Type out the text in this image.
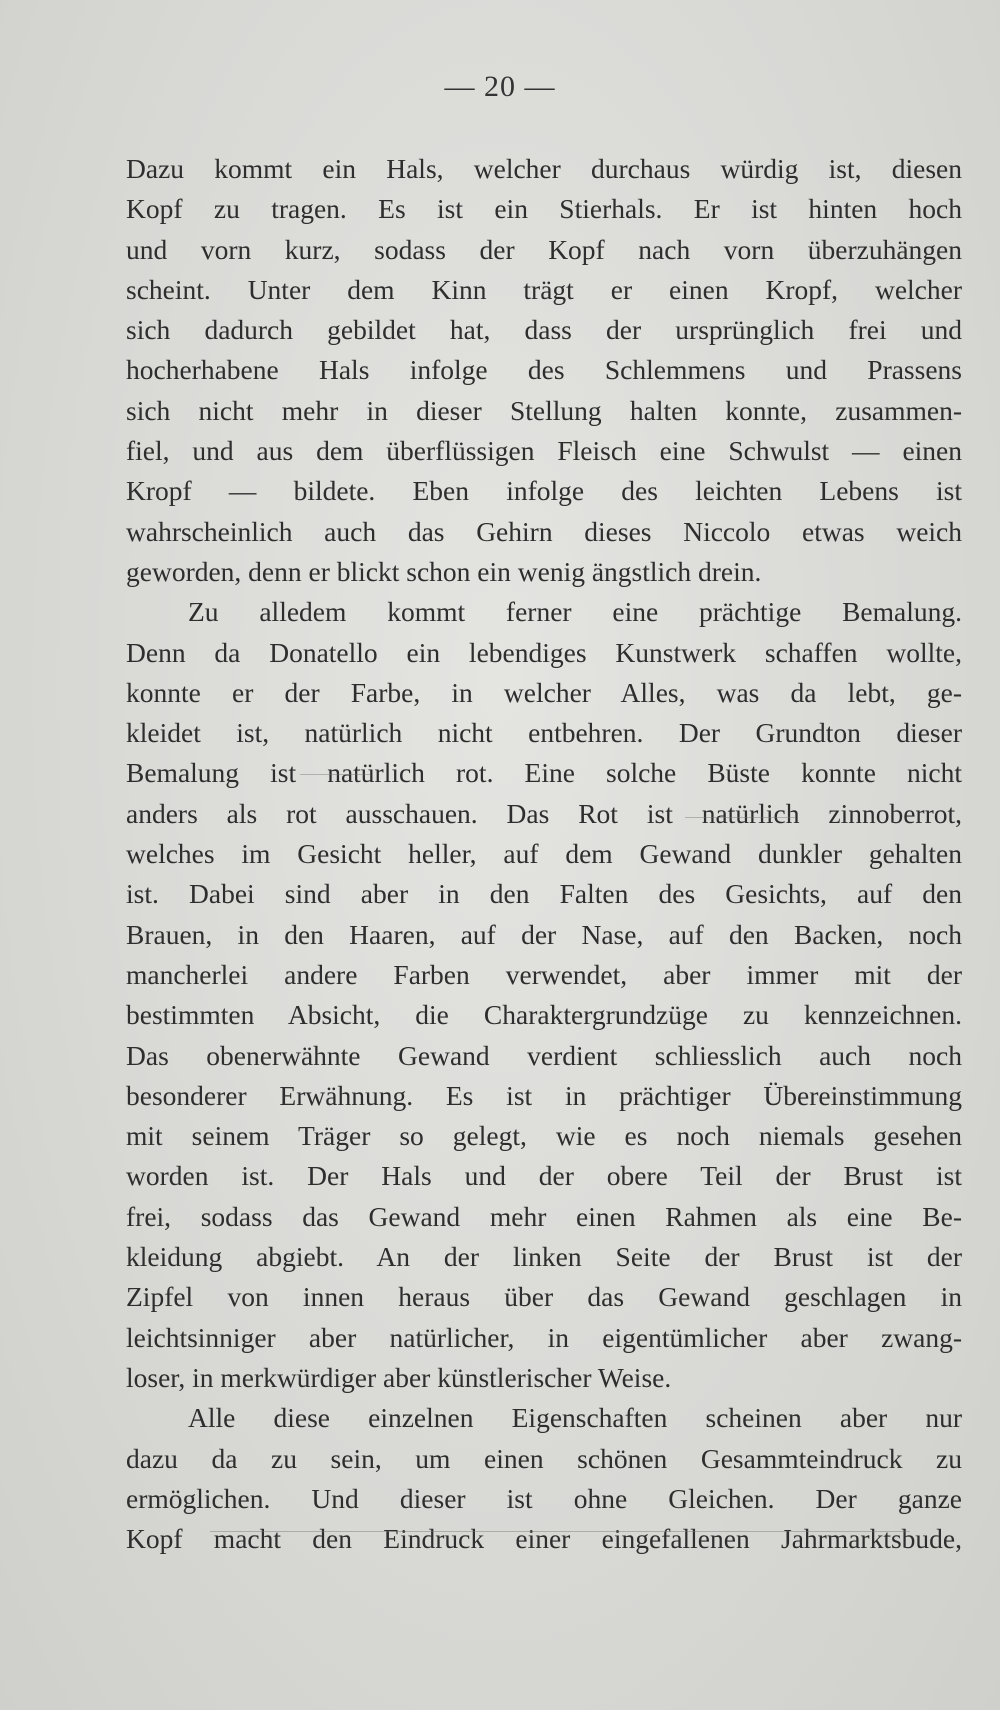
— 20 —
Dazu kommt ein Hals, welcher durchaus würdig ist, diesen
Kopf zu tragen. Es ist ein Stierhals. Er ist hinten hoch
und vorn kurz, sodass der Kopf nach vorn überzuhängen
scheint. Unter dem Kinn trägt er einen Kropf, welcher
sich dadurch gebildet hat, dass der ursprünglich frei und
hocherhabene Hals infolge des Schlemmens und Prassens
sich nicht mehr in dieser Stellung halten konnte, zusammen-
fiel, und aus dem überflüssigen Fleisch eine Schwulst — einen
Kropf — bildete. Eben infolge des leichten Lebens ist
wahrscheinlich auch das Gehirn dieses Niccolo etwas weich
geworden, denn er blickt schon ein wenig ängstlich drein.
Zu alledem kommt ferner eine prächtige Bemalung.
Denn da Donatello ein lebendiges Kunstwerk schaffen wollte,
konnte er der Farbe, in welcher Alles, was da lebt, ge-
kleidet ist, natürlich nicht entbehren. Der Grundton dieser
Bemalung ist natürlich rot. Eine solche Büste konnte nicht
anders als rot ausschauen. Das Rot ist natürlich zinnoberrot,
welches im Gesicht heller, auf dem Gewand dunkler gehalten
ist. Dabei sind aber in den Falten des Gesichts, auf den
Brauen, in den Haaren, auf der Nase, auf den Backen, noch
mancherlei andere Farben verwendet, aber immer mit der
bestimmten Absicht, die Charaktergrundzüge zu kennzeichnen.
Das obenerwähnte Gewand verdient schliesslich auch noch
besonderer Erwähnung. Es ist in prächtiger Übereinstimmung
mit seinem Träger so gelegt, wie es noch niemals gesehen
worden ist. Der Hals und der obere Teil der Brust ist
frei, sodass das Gewand mehr einen Rahmen als eine Be-
kleidung abgiebt. An der linken Seite der Brust ist der
Zipfel von innen heraus über das Gewand geschlagen in
leichtsinniger aber natürlicher, in eigentümlicher aber zwang-
loser, in merkwürdiger aber künstlerischer Weise.
Alle diese einzelnen Eigenschaften scheinen aber nur
dazu da zu sein, um einen schönen Gesammteindruck zu
ermöglichen. Und dieser ist ohne Gleichen. Der ganze
Kopf macht den Eindruck einer eingefallenen Jahrmarktsbude,
